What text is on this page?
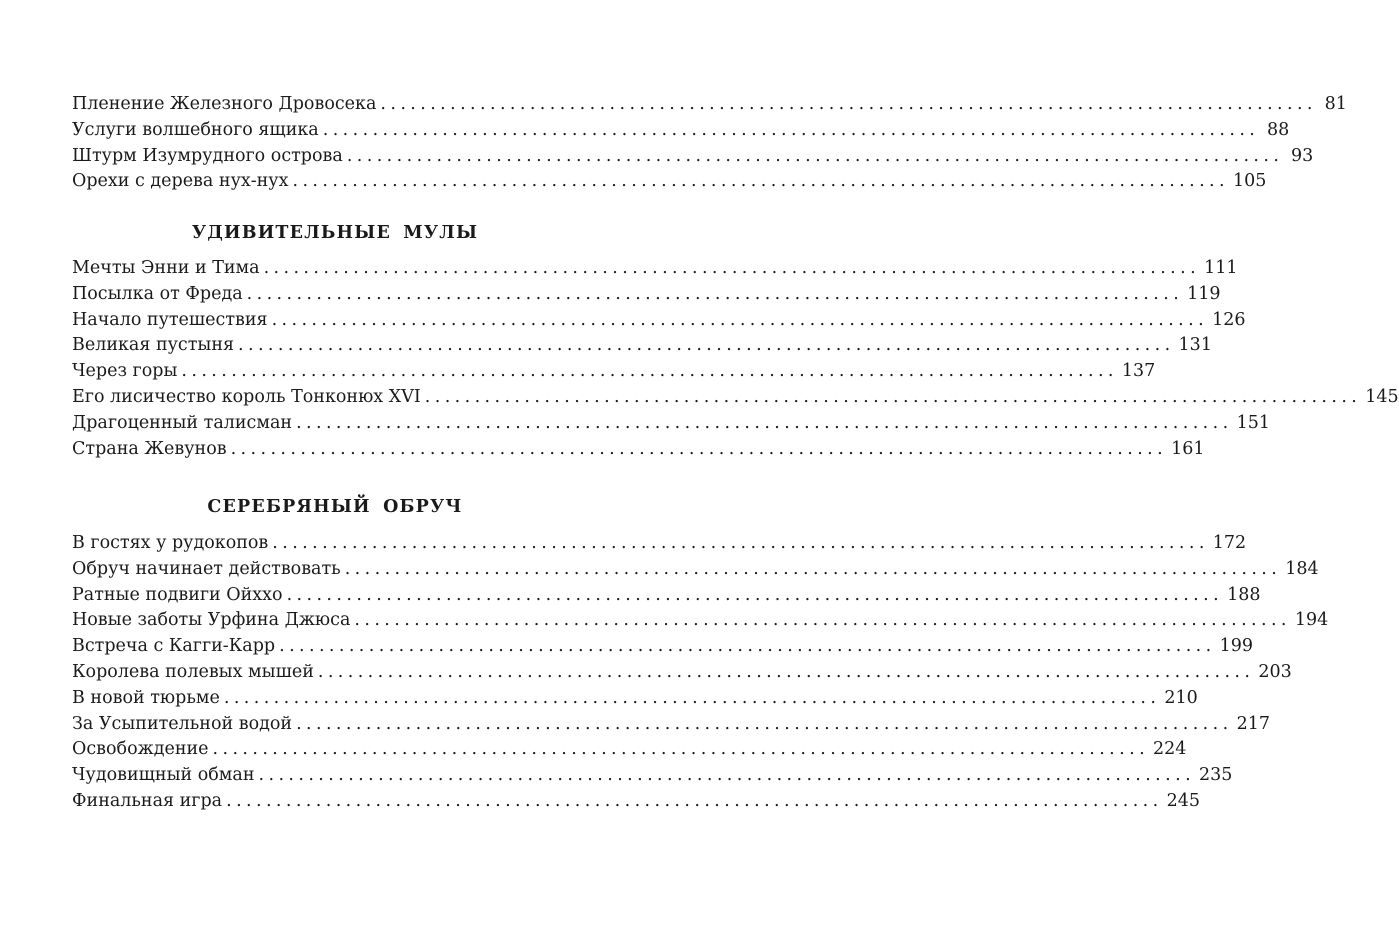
Пленение Железного Дровосека .............................................................................................. 81
Услуги волшебного ящика .............................................................................................. 88
Штурм Изумрудного острова .............................................................................................. 93
Орехи с дерева нух-нух .............................................................................................. 105
УДИВИТЕЛЬНЫЕ МУЛЫ
Мечты Энни и Тима .............................................................................................. 111
Посылка от Фреда .............................................................................................. 119
Начало путешествия .............................................................................................. 126
Великая пустыня .............................................................................................. 131
Через горы .............................................................................................. 137
Его лисичество король Тонконюх XVI .............................................................................................. 145
Драгоценный талисман .............................................................................................. 151
Страна Жевунов .............................................................................................. 161
СЕРЕБРЯНЫЙ ОБРУЧ
В гостях у рудокопов .............................................................................................. 172
Обруч начинает действовать .............................................................................................. 184
Ратные подвиги Ойххо .............................................................................................. 188
Новые заботы Урфина Джюса .............................................................................................. 194
Встреча с Кагги-Карр .............................................................................................. 199
Королева полевых мышей .............................................................................................. 203
В новой тюрьме .............................................................................................. 210
За Усыпительной водой .............................................................................................. 217
Освобождение .............................................................................................. 224
Чудовищный обман .............................................................................................. 235
Финальная игра .............................................................................................. 245
